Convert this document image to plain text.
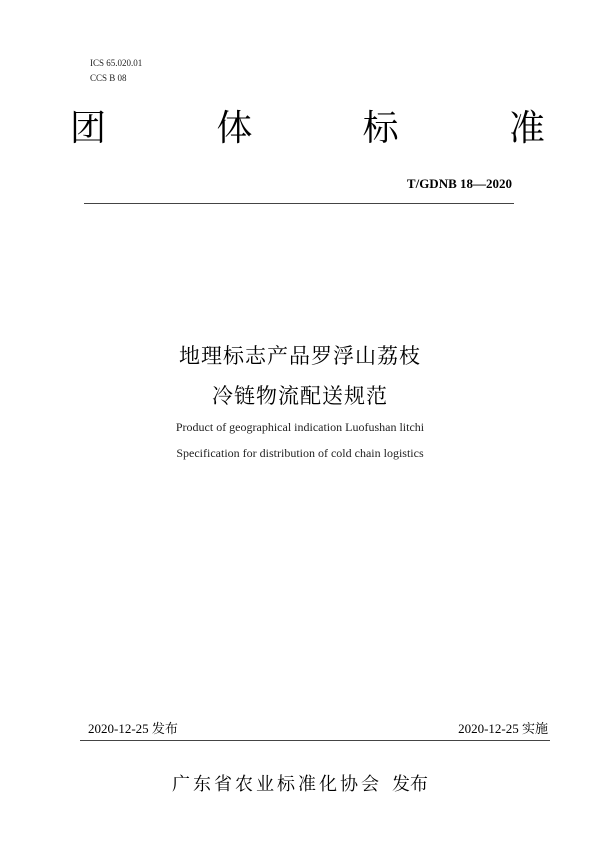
ICS 65.020.01
CCS B 08
团	体	标	准
T/GDNB 18—2020
地理标志产品罗浮山荔枝
冷链物流配送规范
Product of geographical indication Luofushan litchi
Specification for distribution of cold chain logistics
2020-12-25 发布	2020-12-25 实施
广东省农业标准化协会 发布
